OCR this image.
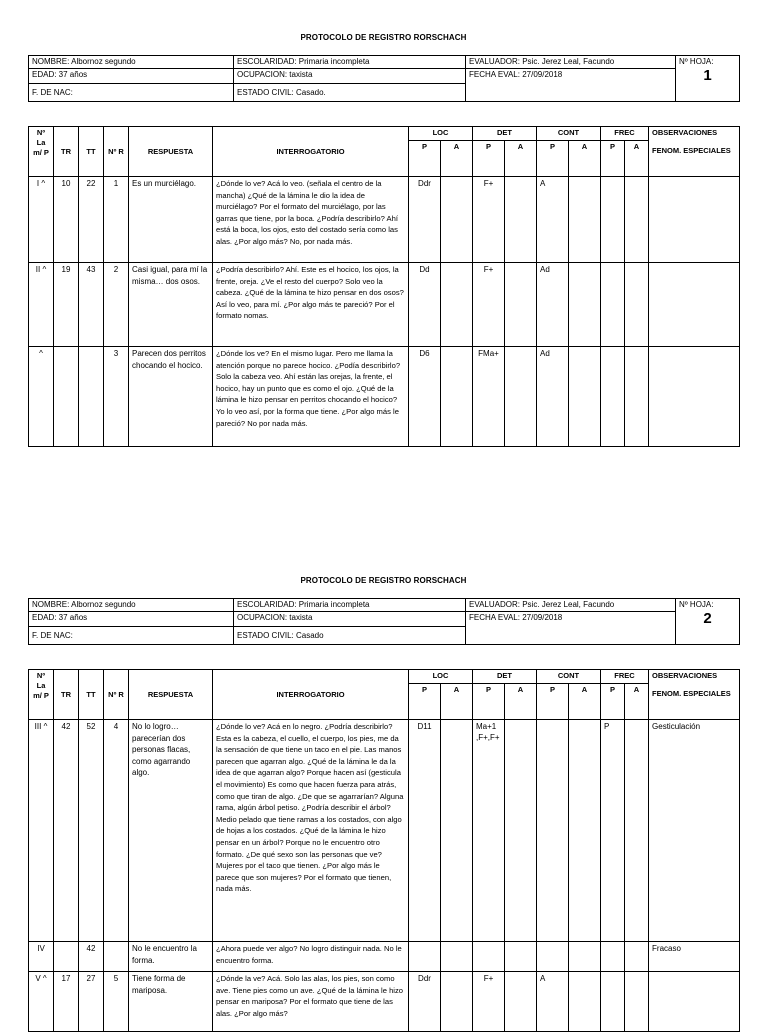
PROTOCOLO DE REGISTRO RORSCHACH
NOMBRE: Albornoz segundo	ESCOLARIDAD: Primaria incompleta	EVALUADOR: Psic. Jerez Leal, Facundo	Nº HOJA:
1

EDAD: 37 años	OCUPACION: taxista	FECHA EVAL: 27/09/2018	
F. DE NAC:	ESTADO CIVIL: Casado.		
Nº La m/ P	TR	TT	Nº R	RESPUESTA	INTERROGATORIO	LOC		DET		CONT		FREC		OBSERVACIONES
FENOM. ESPECIALES

						P	A	P	A	P	A	P	A	
I ^	10	22	1	Es un murciélago.	¿Dónde lo ve? Acá lo veo. (señala el centro de la mancha) ¿Qué de la lámina le dio la idea de murciélago? Por el formato del murciélago, por las garras que tiene, por la boca. ¿Podría describirlo? Ahí está la boca, los ojos, esto del costado sería como las alas. ¿Por algo más? No, por nada más.	Ddr		F+		A				
II ^	19	43	2	Casi igual, para mí la misma… dos osos.	¿Podría describirlo? Ahí. Este es el hocico, los ojos, la frente, oreja. ¿Ve el resto del cuerpo? Solo veo la cabeza. ¿Qué de la lámina te hizo pensar en dos osos? Así lo veo, para mí. ¿Por algo más te pareció? Por el formato nomas.	Dd		F+		Ad				
^			3	Parecen dos perritos chocando el hocico.	¿Dónde los ve? En el mismo lugar. Pero me llama la atención porque no parece hocico. ¿Podía describirlo? Solo la cabeza veo. Ahí están las orejas, la frente, el hocico, hay un punto que es como el ojo. ¿Qué de la lámina le hizo pensar en perritos chocando el hocico? Yo lo veo así, por la forma que tiene. ¿Por algo más le pareció? No por nada más.	D6		FMa+		Ad				
PROTOCOLO DE REGISTRO RORSCHACH
NOMBRE: Albornoz segundo	ESCOLARIDAD: Primaria incompleta	EVALUADOR: Psic. Jerez Leal, Facundo	Nº HOJA:
2

EDAD: 37 años	OCUPACION: taxista	FECHA EVAL: 27/09/2018	
F. DE NAC:	ESTADO CIVIL: Casado		
Nº La m/ P	TR	TT	Nº R	RESPUESTA	INTERROGATORIO	LOC		DET		CONT		FREC		OBSERVACIONES
FENOM. ESPECIALES

						P	A	P	A	P	A	P	A	
III ^	42	52	4	No lo logro… parecerían dos personas flacas, como agarrando algo.	¿Dónde lo ve? Acá en lo negro. ¿Podría describirlo? Esta es la cabeza, el cuello, el cuerpo, los pies, me da la sensación de que tiene un taco en el pie. Las manos parecen que agarran algo. ¿Qué de la lámina le da la idea de que agarran algo? Porque hacen así (gesticula el movimiento) Es como que hacen fuerza para atrás, como que tiran de algo. ¿De que se agarrarían? Alguna rama, algún árbol petiso. ¿Podría describir el árbol? Medio pelado que tiene ramas a los costados, con algo de hojas a los costados. ¿Qué de la lámina le hizo pensar en un árbol? Porque no le encuentro otro formato. ¿De qué sexo son las personas que ve? Mujeres por el taco que tienen. ¿Por algo más le parece que son mujeres? Por el formato que tienen, nada más.	D11		Ma+1 ,F+,F+				P		Gesticulación
IV		42		No le encuentro la forma.	¿Ahora puede ver algo? No logro distinguir nada. No le encuentro forma.									Fracaso
V ^	17	27	5	Tiene forma de mariposa.	¿Dónde la ve? Acá. Solo las alas, los pies, son como ave. Tiene pies como un ave. ¿Qué de la lámina le hizo pensar en mariposa? Por el formato que tiene de las alas. ¿Por algo más?	Ddr		F+		A				
